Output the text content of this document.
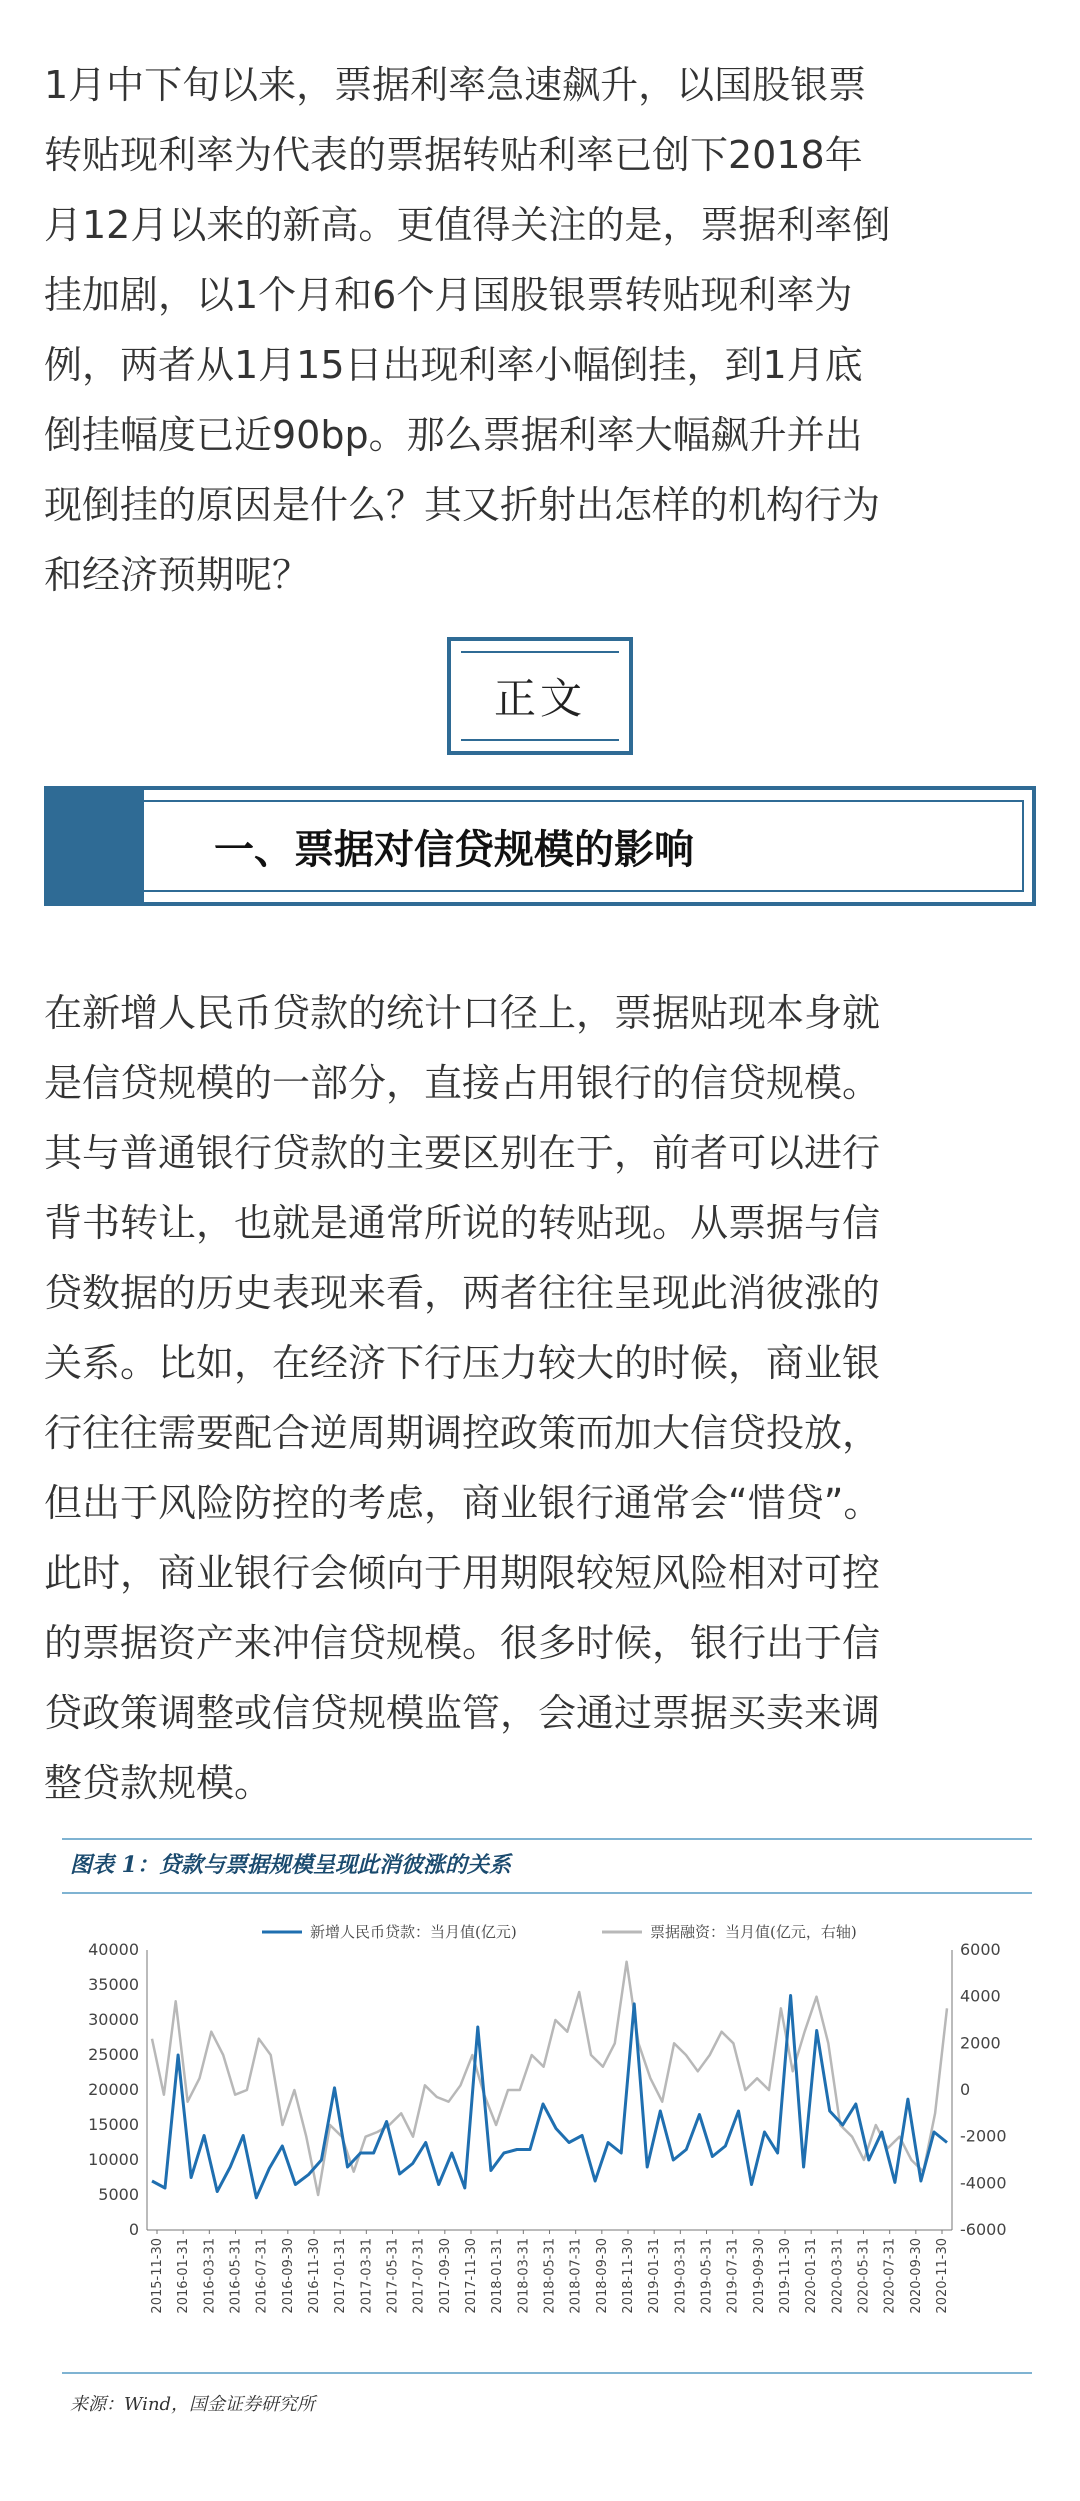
1月中下旬以来，票据利率急速飙升，以国股银票
转贴现利率为代表的票据转贴利率已创下2018年
月12月以来的新高。更值得关注的是，票据利率倒
挂加剧，以1个月和6个月国股银票转贴现利率为
例，两者从1月15日出现利率小幅倒挂，到1月底
倒挂幅度已近90bp。那么票据利率大幅飙升并出
现倒挂的原因是什么？其又折射出怎样的机构行为
和经济预期呢？
正文
一、票据对信贷规模的影响
在新增人民币贷款的统计口径上，票据贴现本身就
是信贷规模的一部分，直接占用银行的信贷规模。
其与普通银行贷款的主要区别在于，前者可以进行
背书转让，也就是通常所说的转贴现。从票据与信
贷数据的历史表现来看，两者往往呈现此消彼涨的
关系。比如，在经济下行压力较大的时候，商业银
行往往需要配合逆周期调控政策而加大信贷投放，
但出于风险防控的考虑，商业银行通常会“惜贷”。
此时，商业银行会倾向于用期限较短风险相对可控
的票据资产来冲信贷规模。很多时候，银行出于信
贷政策调整或信贷规模监管，会通过票据买卖来调
整贷款规模。
图表 1：贷款与票据规模呈现此消彼涨的关系
0
5000
10000
15000
20000
25000
30000
35000
40000
-6000
-4000
-2000
0
2000
4000
6000
2015-11-30 2016-01-31 2016-03-31 2016-05-31 2016-07-31 2016-09-30 2016-11-30 2017-01-31 2017-03-31 2017-05-31 2017-07-31 2017-09-30 2017-11-30 2018-01-31 2018-03-31 2018-05-31 2018-07-31 2018-09-30 2018-11-30 2019-01-31 2019-03-31 2019-05-31 2019-07-31 2019-09-30 2019-11-30 2020-01-31 2020-03-31 2020-05-31 2020-07-31 2020-09-30 2020-11-30
新增人民币贷款：当月值(亿元)	票据融资：当月值(亿元，右轴)
来源：Wind，国金证券研究所
